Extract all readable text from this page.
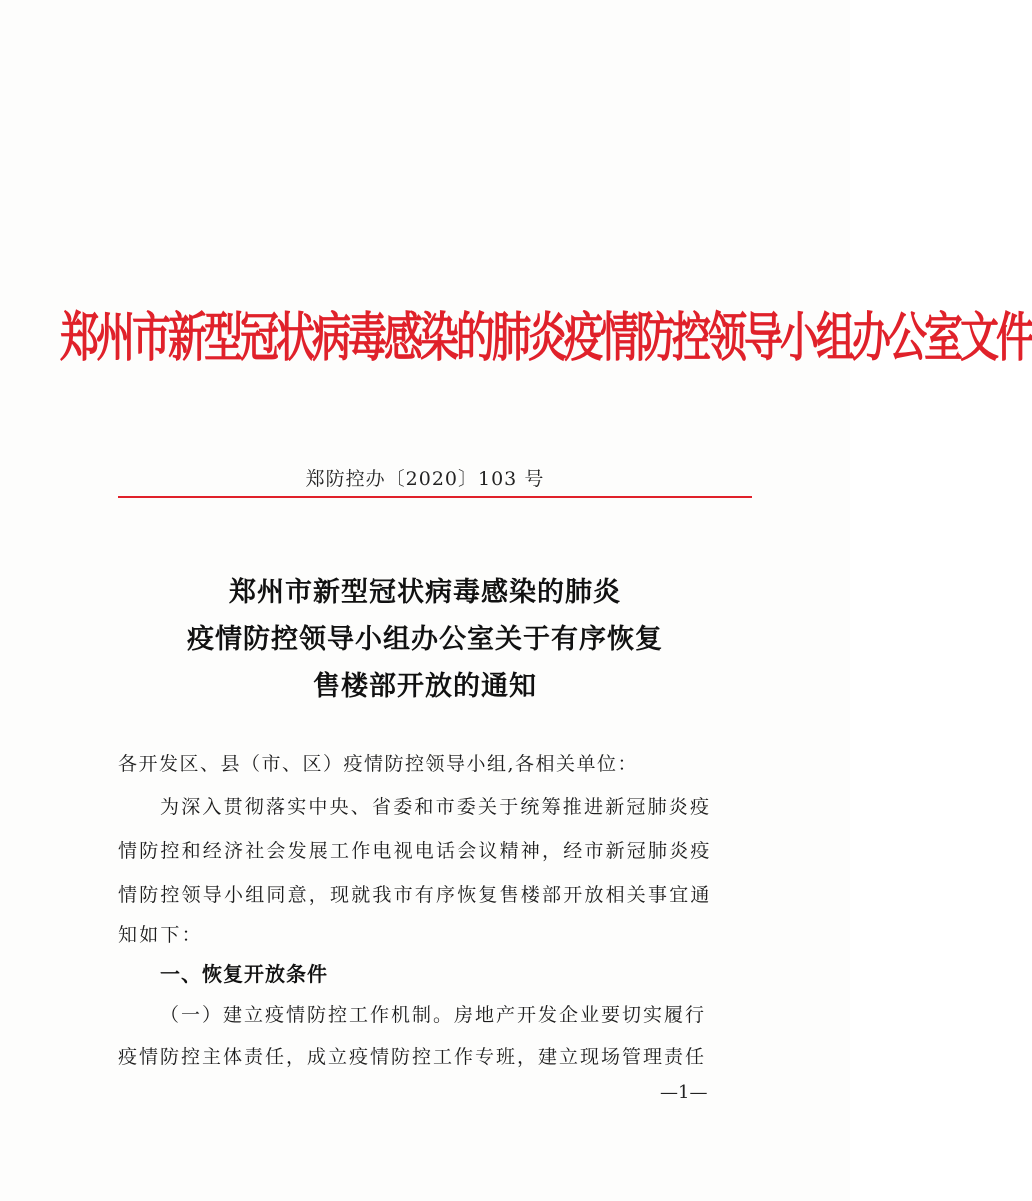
郑州市新型冠状病毒感染的肺炎疫情防控领导小组办公室文件
郑防控办〔2020〕103 号
郑州市新型冠状病毒感染的肺炎
疫情防控领导小组办公室关于有序恢复
售楼部开放的通知
各开发区、县（市、区）疫情防控领导小组,各相关单位：
为深入贯彻落实中央、省委和市委关于统筹推进新冠肺炎疫
情防控和经济社会发展工作电视电话会议精神，经市新冠肺炎疫
情防控领导小组同意，现就我市有序恢复售楼部开放相关事宜通
知如下：
一、恢复开放条件
（一）建立疫情防控工作机制。房地产开发企业要切实履行
疫情防控主体责任，成立疫情防控工作专班，建立现场管理责任
—1—
